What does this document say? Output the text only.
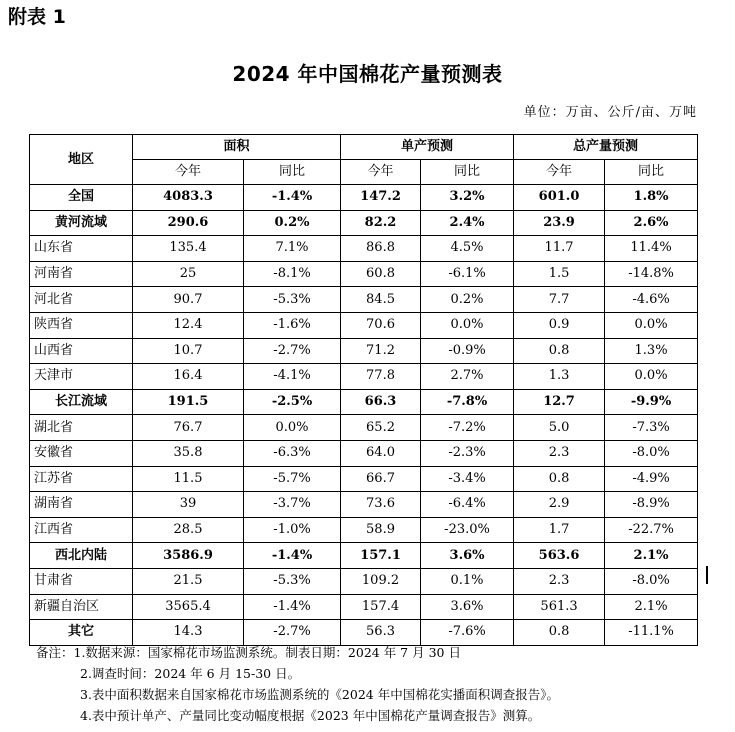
附表 1
2024 年中国棉花产量预测表
单位：万亩、公斤/亩、万吨
地区	面积		单产预测		总产量预测	
	今年	同比	今年	同比	今年	同比
全国	4083.3	-1.4%	147.2	3.2%	601.0	1.8%
黄河流域	290.6	0.2%	82.2	2.4%	23.9	2.6%
山东省	135.4	7.1%	86.8	4.5%	11.7	11.4%
河南省	25	-8.1%	60.8	-6.1%	1.5	-14.8%
河北省	90.7	-5.3%	84.5	0.2%	7.7	-4.6%
陕西省	12.4	-1.6%	70.6	0.0%	0.9	0.0%
山西省	10.7	-2.7%	71.2	-0.9%	0.8	1.3%
天津市	16.4	-4.1%	77.8	2.7%	1.3	0.0%
长江流域	191.5	-2.5%	66.3	-7.8%	12.7	-9.9%
湖北省	76.7	0.0%	65.2	-7.2%	5.0	-7.3%
安徽省	35.8	-6.3%	64.0	-2.3%	2.3	-8.0%
江苏省	11.5	-5.7%	66.7	-3.4%	0.8	-4.9%
湖南省	39	-3.7%	73.6	-6.4%	2.9	-8.9%
江西省	28.5	-1.0%	58.9	-23.0%	1.7	-22.7%
西北内陆	3586.9	-1.4%	157.1	3.6%	563.6	2.1%
甘肃省	21.5	-5.3%	109.2	0.1%	2.3	-8.0%
新疆自治区	3565.4	-1.4%	157.4	3.6%	561.3	2.1%
其它	14.3	-2.7%	56.3	-7.6%	0.8	-11.1%
备注：1.数据来源：国家棉花市场监测系统。制表日期：2024 年 7 月 30 日
2.调查时间：2024 年 6 月 15-30 日。
3.表中面积数据来自国家棉花市场监测系统的《2024 年中国棉花实播面积调查报告》。
4.表中预计单产、产量同比变动幅度根据《2023 年中国棉花产量调查报告》测算。
